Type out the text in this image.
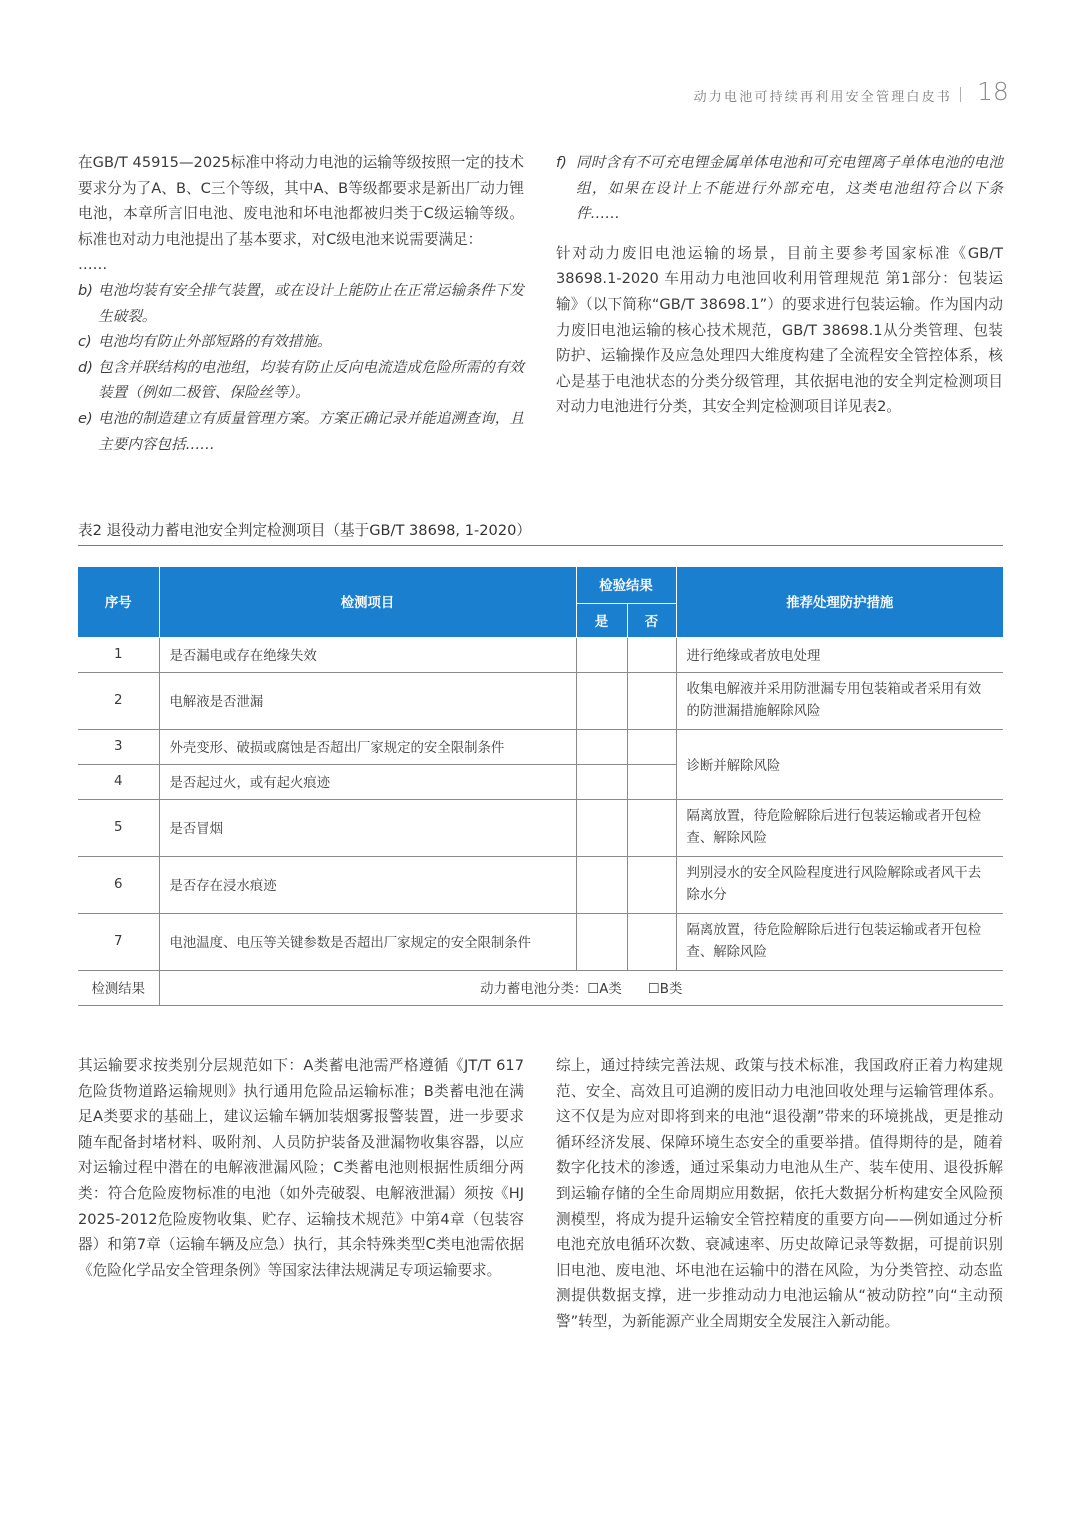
动力电池可持续再利用安全管理白皮书 18

在GB/T 45915—2025标准中将动力电池的运输等级按照一定的技术要求分为了A、B、C三个等级，其中A、B等级都要求是新出厂动力锂电池，本章所言旧电池、废电池和坏电池都被归类于C级运输等级。标准也对动力电池提出了基本要求，对C级电池来说需要满足：

……

b) 电池均装有安全排气装置，或在设计上能防止在正常运输条件下发生破裂。
c) 电池均有防止外部短路的有效措施。
d) 包含并联结构的电池组，均装有防止反向电流造成危险所需的有效装置（例如二极管、保险丝等）。
e) 电池的制造建立有质量管理方案。方案正确记录并能追溯查询，且主要内容包括……
f) 同时含有不可充电锂金属单体电池和可充电锂离子单体电池的电池组，如果在设计上不能进行外部充电，这类电池组符合以下条件……

针对动力废旧电池运输的场景，目前主要参考国家标准《GB/T 38698.1-2020 车用动力电池回收利用管理规范 第1部分：包装运输》（以下简称“GB/T 38698.1”）的要求进行包装运输。作为国内动力废旧电池运输的核心技术规范，GB/T 38698.1从分类管理、包装防护、运输操作及应急处理四大维度构建了全流程安全管控体系，核心是基于电池状态的分类分级管理，其依据电池的安全判定检测项目对动力电池进行分类，其安全判定检测项目详见表2。

表2 退役动力蓄电池安全判定检测项目（基于GB/T 38698, 1-2020）
序号	检测项目	检验结果		推荐处理防护措施
		是	否	
1	是否漏电或存在绝缘失效			进行绝缘或者放电处理
2	电解液是否泄漏			收集电解液并采用防泄漏专用包装箱或者采用有效的防泄漏措施解除风险
3	外壳变形、破损或腐蚀是否超出厂家规定的安全限制条件			诊断并解除风险
4	是否起过火，或有起火痕迹			
5	是否冒烟			隔离放置，待危险解除后进行包装运输或者开包检查、解除风险
6	是否存在浸水痕迹			判别浸水的安全风险程度进行风险解除或者风干去除水分
7	电池温度、电压等关键参数是否超出厂家规定的安全限制条件			隔离放置，待危险解除后进行包装运输或者开包检查、解除风险
检测结果	动力蓄电池分类：☐A类 ☐B类			

其运输要求按类别分层规范如下：A类蓄电池需严格遵循《JT/T 617危险货物道路运输规则》执行通用危险品运输标准；B类蓄电池在满足A类要求的基础上，建议运输车辆加装烟雾报警装置，进一步要求随车配备封堵材料、吸附剂、人员防护装备及泄漏物收集容器，以应对运输过程中潜在的电解液泄漏风险；C类蓄电池则根据性质细分两类：符合危险废物标准的电池（如外壳破裂、电解液泄漏）须按《HJ 2025-2012危险废物收集、贮存、运输技术规范》中第4章（包装容器）和第7章（运输车辆及应急）执行，其余特殊类型C类电池需依据《危险化学品安全管理条例》等国家法律法规满足专项运输要求。

综上，通过持续完善法规、政策与技术标准，我国政府正着力构建规范、安全、高效且可追溯的废旧动力电池回收处理与运输管理体系。这不仅是为应对即将到来的电池“退役潮”带来的环境挑战，更是推动循环经济发展、保障环境生态安全的重要举措。值得期待的是，随着数字化技术的渗透，通过采集动力电池从生产、装车使用、退役拆解到运输存储的全生命周期应用数据，依托大数据分析构建安全风险预测模型，将成为提升运输安全管控精度的重要方向——例如通过分析电池充放电循环次数、衰减速率、历史故障记录等数据，可提前识别旧电池、废电池、坏电池在运输中的潜在风险，为分类管控、动态监测提供数据支撑，进一步推动动力电池运输从“被动防控”向“主动预警”转型，为新能源产业全周期安全发展注入新动能。
